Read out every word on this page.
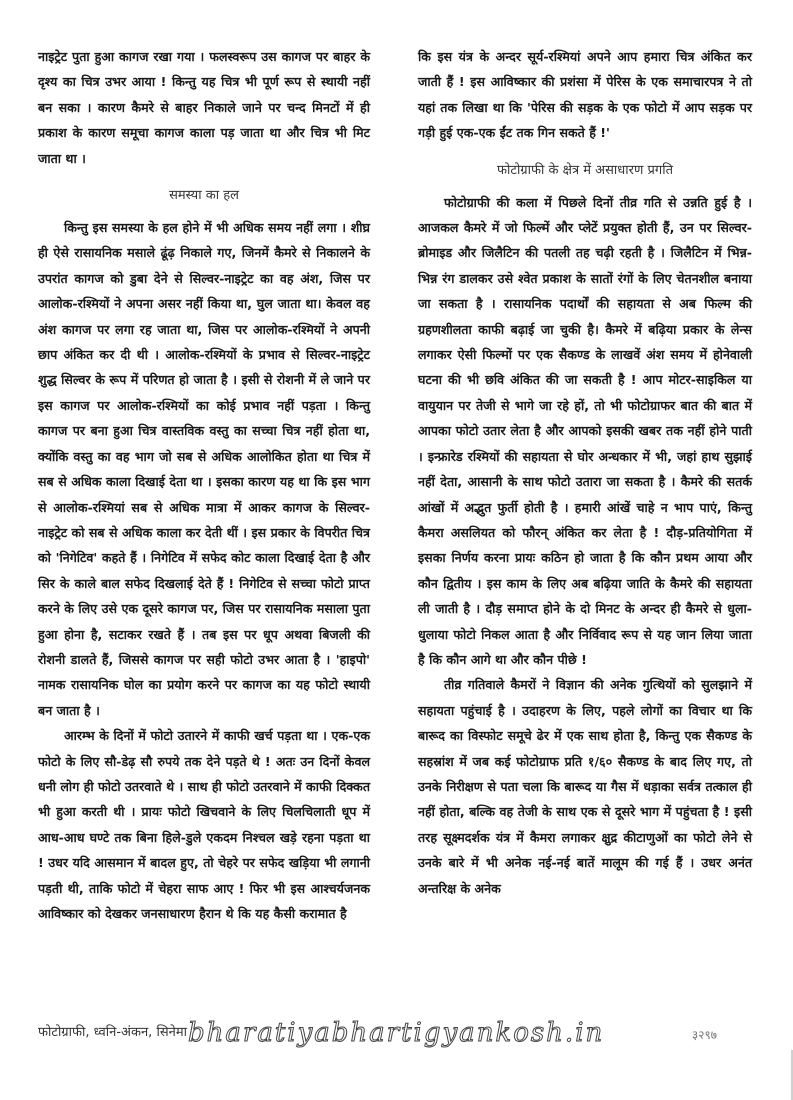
नाइट्रेट पुता हुआ कागज रखा गया । फलस्वरूप उस कागज पर बाहर के दृश्य का चित्र उभर आया ! किन्तु यह चित्र भी पूर्ण रूप से स्थायी नहीं बन सका । कारण कैमरे से बाहर निकाले जाने पर चन्द मिनटों में ही प्रकाश के कारण समूचा कागज काला पड़ जाता था और चित्र भी मिट जाता था ।

समस्या का हल

किन्तु इस समस्या के हल होने में भी अधिक समय नहीं लगा । शीघ्र ही ऐसे रासायनिक मसाले ढूंढ़ निकाले गए, जिनमें कैमरे से निकालने के उपरांत कागज को डुबा देने से सिल्वर-नाइट्रेट का वह अंश, जिस पर आलोक-रश्मियों ने अपना असर नहीं किया था, घुल जाता था। केवल वह अंश कागज पर लगा रह जाता था, जिस पर आलोक-रश्मियों ने अपनी छाप अंकित कर दी थी । आलोक-रश्मियों के प्रभाव से सिल्वर-नाइट्रेट शुद्ध सिल्वर के रूप में परिणत हो जाता है । इसी से रोशनी में ले जाने पर इस कागज पर आलोक-रश्मियों का कोई प्रभाव नहीं पड़ता । किन्तु कागज पर बना हुआ चित्र वास्तविक वस्तु का सच्चा चित्र नहीं होता था, क्योंकि वस्तु का वह भाग जो सब से अधिक आलोकित होता था चित्र में सब से अधिक काला दिखाई देता था । इसका कारण यह था कि इस भाग से आलोक-रश्मियां सब से अधिक मात्रा में आकर कागज के सिल्वर-नाइट्रेट को सब से अधिक काला कर देती थीं । इस प्रकार के विपरीत चित्र को 'निगेटिव' कहते हैं । निगेटिव में सफेद कोट काला दिखाई देता है और सिर के काले बाल सफेद दिखलाई देते हैं ! निगेटिव से सच्चा फोटो प्राप्त करने के लिए उसे एक दूसरे कागज पर, जिस पर रासायनिक मसाला पुता हुआ होना है, सटाकर रखते हैं । तब इस पर धूप अथवा बिजली की रोशनी डालते हैं, जिससे कागज पर सही फोटो उभर आता है । 'हाइपो' नामक रासायनिक घोल का प्रयोग करने पर कागज का यह फोटो स्थायी बन जाता है ।

आरम्भ के दिनों में फोटो उतारने में काफी खर्च पड़ता था । एक-एक फोटो के लिए सौ-डेढ़ सौ रुपये तक देने पड़ते थे ! अतः उन दिनों केवल धनी लोग ही फोटो उतरवाते थे । साथ ही फोटो उतरवाने में काफी दिक्कत भी हुआ करती थी । प्रायः फोटो खिचवाने के लिए चिलचिलाती धूप में आध-आध घण्टे तक बिना हिले-डुले एकदम निश्चल खड़े रहना पड़ता था ! उधर यदि आसमान में बादल हुए, तो चेहरे पर सफेद खड़िया भी लगानी पड़ती थी, ताकि फोटो में चेहरा साफ आए ! फिर भी इस आश्चर्यजनक आविष्कार को देखकर जनसाधारण हैरान थे कि यह कैसी करामात है

कि इस यंत्र के अन्दर सूर्य-रश्मियां अपने आप हमारा चित्र अंकित कर जाती हैं ! इस आविष्कार की प्रशंसा में पेरिस के एक समाचारपत्र ने तो यहां तक लिखा था कि 'पेरिस की सड़क के एक फोटो में आप सड़क पर गड़ी हुई एक-एक ईंट तक गिन सकते हैं !'

फोटोग्राफी के क्षेत्र में असाधारण प्रगति

फोटोग्राफी की कला में पिछले दिनों तीव्र गति से उन्नति हुई है । आजकल कैमरे में जो फिल्में और प्लेटें प्रयुक्त होती हैं, उन पर सिल्वर-ब्रोमाइड और जिलैटिन की पतली तह चढ़ी रहती है । जिलैटिन में भिन्न-भिन्न रंग डालकर उसे श्वेत प्रकाश के सातों रंगों के लिए चेतनशील बनाया जा सकता है । रासायनिक पदार्थों की सहायता से अब फिल्म की ग्रहणशीलता काफी बढ़ाई जा चुकी है। कैमरे में बढ़िया प्रकार के लेन्स लगाकर ऐसी फिल्मों पर एक सैकण्ड के लाखवें अंश समय में होनेवाली घटना की भी छवि अंकित की जा सकती है ! आप मोटर-साइकिल या वायुयान पर तेजी से भागे जा रहे हों, तो भी फोटोग्राफर बात की बात में आपका फोटो उतार लेता है और आपको इसकी खबर तक नहीं होने पाती । इन्फ्रारेड रश्मियों की सहायता से घोर अन्धकार में भी, जहां हाथ सुझाई नहीं देता, आसानी के साथ फोटो उतारा जा सकता है । कैमरे की सतर्क आंखों में अद्भुत फुर्ती होती है । हमारी आंखें चाहे न भाप पाएं, किन्तु कैमरा असलियत को फौरन् अंकित कर लेता है ! दौड़-प्रतियोगिता में इसका निर्णय करना प्रायः कठिन हो जाता है कि कौन प्रथम आया और कौन द्वितीय । इस काम के लिए अब बढ़िया जाति के कैमरे की सहायता ली जाती है । दौड़ समाप्त होने के दो मिनट के अन्दर ही कैमरे से धुला-धुलाया फोटो निकल आता है और निर्विवाद रूप से यह जान लिया जाता है कि कौन आगे था और कौन पीछे !

तीव्र गतिवाले कैमरों ने विज्ञान की अनेक गुत्थियों को सुलझाने में सहायता पहुंचाई है । उदाहरण के लिए, पहले लोगों का विचार था कि बारूद का विस्फोट समूचे ढेर में एक साथ होता है, किन्तु एक सैकण्ड के सहस्रांश में जब कई फोटोग्राफ प्रति १/६० सैकण्ड के बाद लिए गए, तो उनके निरीक्षण से पता चला कि बारूद या गैस में धड़ाका सर्वत्र तत्काल ही नहीं होता, बल्कि वह तेजी के साथ एक से दूसरे भाग में पहुंचता है ! इसी तरह सूक्ष्मदर्शक यंत्र में कैमरा लगाकर क्षुद्र कीटाणुओं का फोटो लेने से उनके बारे में भी अनेक नई-नई बातें मालूम की गई हैं । उधर अनंत अन्तरिक्ष के अनेक

फोटोग्राफी, ध्वनि-अंकन, सिनेमा bharatiyabhartigyankosh.in	३२९७
